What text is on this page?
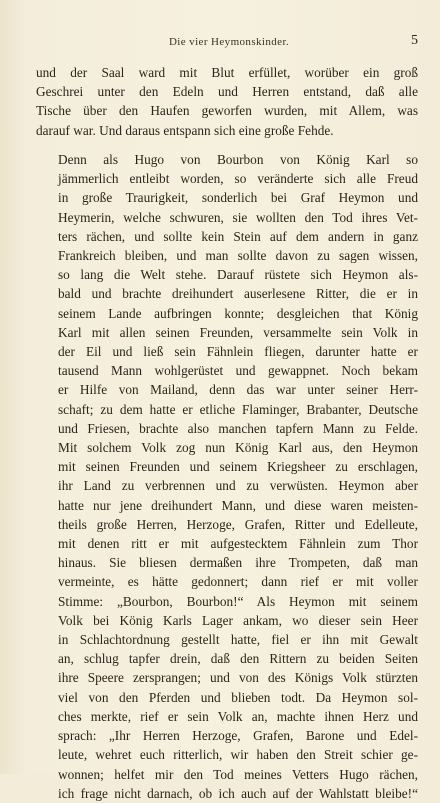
Die vier Heymonskinder.	5
und der Saal ward mit Blut erfüllet, worüber ein groß
Geschrei unter den Edeln und Herren entstand, daß alle
Tische über den Haufen geworfen wurden, mit Allem, was
darauf war. Und daraus entspann sich eine große Fehde.
Denn als Hugo von Bourbon von König Karl so
jämmerlich entleibt worden, so veränderte sich alle Freud
in große Traurigkeit, sonderlich bei Graf Heymon und
Heymerin, welche schwuren, sie wollten den Tod ihres Vet-
ters rächen, und sollte kein Stein auf dem andern in ganz
Frankreich bleiben, und man sollte davon zu sagen wissen,
so lang die Welt stehe. Darauf rüstete sich Heymon als-
bald und brachte dreihundert auserlesene Ritter, die er in
seinem Lande aufbringen konnte; desgleichen that König
Karl mit allen seinen Freunden, versammelte sein Volk in
der Eil und ließ sein Fähnlein fliegen, darunter hatte er
tausend Mann wohlgerüstet und gewappnet. Noch bekam
er Hilfe von Mailand, denn das war unter seiner Herr-
schaft; zu dem hatte er etliche Flaminger, Brabanter, Deutsche
und Friesen, brachte also manchen tapfern Mann zu Felde.
Mit solchem Volk zog nun König Karl aus, den Heymon
mit seinen Freunden und seinem Kriegsheer zu erschlagen,
ihr Land zu verbrennen und zu verwüsten. Heymon aber
hatte nur jene dreihundert Mann, und diese waren meisten-
theils große Herren, Herzoge, Grafen, Ritter und Edelleute,
mit denen ritt er mit aufgestecktem Fähnlein zum Thor
hinaus. Sie bliesen dermaßen ihre Trompeten, daß man
vermeinte, es hätte gedonnert; dann rief er mit voller
Stimme: „Bourbon, Bourbon!“ Als Heymon mit seinem
Volk bei König Karls Lager ankam, wo dieser sein Heer
in Schlachtordnung gestellt hatte, fiel er ihn mit Gewalt
an, schlug tapfer drein, daß den Rittern zu beiden Seiten
ihre Speere zersprangen; und von des Königs Volk stürzten
viel von den Pferden und blieben todt. Da Heymon sol-
ches merkte, rief er sein Volk an, machte ihnen Herz und
sprach: „Ihr Herren Herzoge, Grafen, Barone und Edel-
leute, wehret euch ritterlich, wir haben den Streit schier ge-
wonnen; helfet mir den Tod meines Vetters Hugo rächen,
ich frage nicht darnach, ob ich auch auf der Wahlstatt bleibe!“
